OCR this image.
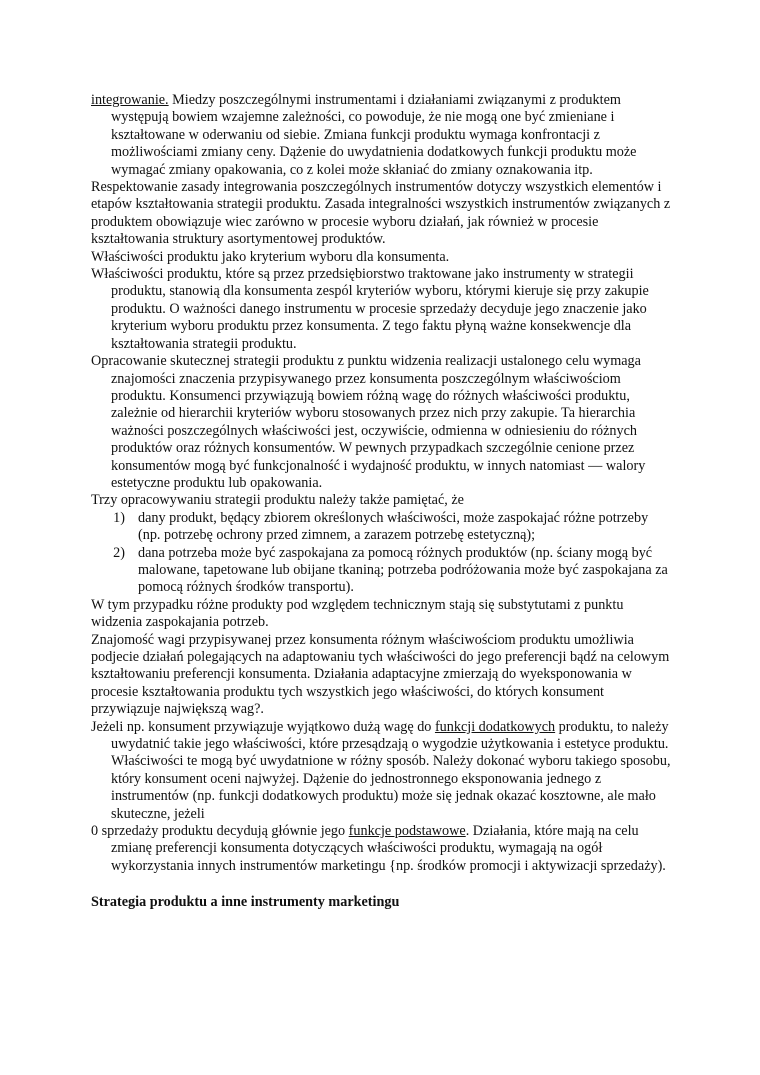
integrowanie. Miedzy poszczególnymi instrumentami i działaniami związanymi z produktem występują bowiem wzajemne zależności, co powoduje, że nie mogą one być zmieniane i kształtowane w oderwaniu od siebie. Zmiana funkcji produktu wymaga konfrontacji z możliwościami zmiany ceny. Dążenie do uwydatnienia dodatkowych funkcji produktu może wymagać zmiany opakowania, co z kolei może skłaniać do zmiany oznakowania itp.

Respektowanie zasady integrowania poszczególnych instrumentów dotyczy wszystkich elementów i etapów kształtowania strategii produktu. Zasada integralności wszystkich instrumentów związanych z produktem obowiązuje wiec zarówno w procesie wyboru działań, jak również w procesie kształtowania struktury asortymentowej produktów.

Właściwości produktu jako kryterium wyboru dla konsumenta.

Właściwości produktu, które są przez przedsiębiorstwo traktowane jako instrumenty w strategii produktu, stanowią dla konsumenta zespól kryteriów wyboru, którymi kieruje się przy zakupie produktu. O ważności danego instrumentu w procesie sprzedaży decyduje jego znaczenie jako kryterium wyboru produktu przez konsumenta. Z tego faktu płyną ważne konsekwencje dla kształtowania strategii produktu.

Opracowanie skutecznej strategii produktu z punktu widzenia realizacji ustalonego celu wymaga znajomości znaczenia przypisywanego przez konsumenta poszczególnym właściwościom produktu. Konsumenci przywiązują bowiem różną wagę do różnych właściwości produktu, zależnie od hierarchii kryteriów wyboru stosowanych przez nich przy zakupie. Ta hierarchia ważności poszczególnych właściwości jest, oczywiście, odmienna w odniesieniu do różnych produktów oraz różnych konsumentów. W pewnych przypadkach szczególnie cenione przez konsumentów mogą być funkcjonalność i wydajność produktu, w innych natomiast — walory estetyczne produktu lub opakowania.

Trzy opracowywaniu strategii produktu należy także pamiętać, że

1) dany produkt, będący zbiorem określonych właściwości, może zaspokajać różne potrzeby (np. potrzebę ochrony przed zimnem, a zarazem potrzebę estetyczną);
2) dana potrzeba może być zaspokajana za pomocą różnych produktów (np. ściany mogą być malowane, tapetowane lub obijane tkaniną; potrzeba podróżowania może być zaspokajana za pomocą różnych środków transportu).

W tym przypadku różne produkty pod względem technicznym stają się substytutami z punktu widzenia zaspokajania potrzeb.

Znajomość wagi przypisywanej przez konsumenta różnym właściwościom produktu umożliwia podjecie działań polegających na adaptowaniu tych właściwości do jego preferencji bądź na celowym kształtowaniu preferencji konsumenta. Działania adaptacyjne zmierzają do wyeksponowania w procesie kształtowania produktu tych wszystkich jego właściwości, do których konsument przywiązuje największą wag?.

Jeżeli np. konsument przywiązuje wyjątkowo dużą wagę do funkcji dodatkowych produktu, to należy uwydatnić takie jego właściwości, które przesądzają o wygodzie użytkowania i estetyce produktu. Właściwości te mogą być uwydatnione w różny sposób. Należy dokonać wyboru takiego sposobu, który konsument oceni najwyżej. Dążenie do jednostronnego eksponowania jednego z instrumentów (np. funkcji dodatkowych produktu) może się jednak okazać kosztowne, ale mało skuteczne, jeżeli

0 sprzedaży produktu decydują głównie jego funkcje podstawowe. Działania, które mają na celu zmianę preferencji konsumenta dotyczących właściwości produktu, wymagają na ogół wykorzystania innych instrumentów marketingu {np. środków promocji i aktywizacji sprzedaży).

Strategia produktu a inne instrumenty marketingu
